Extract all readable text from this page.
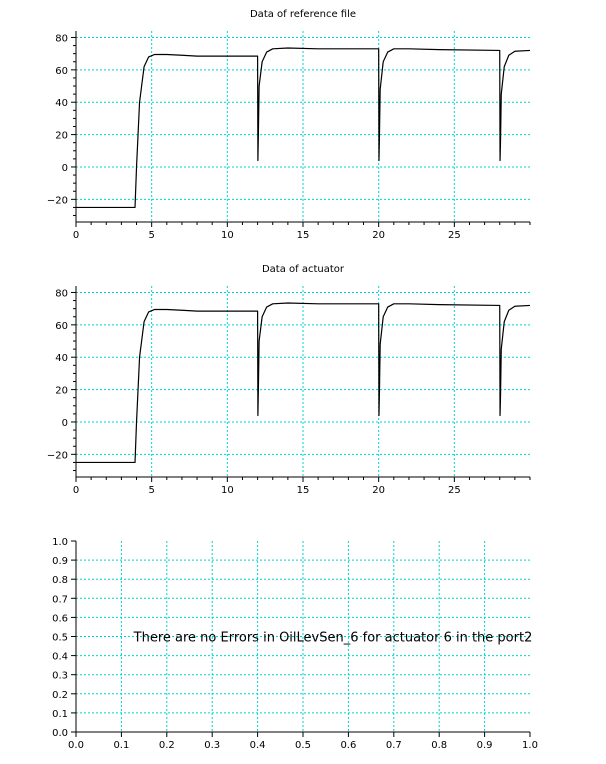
−20
0
20
40
60
80
0	5	10	15	20	25
Data of reference file
−20
0
20
40
60
80
0	5	10	15	20	25
Data of actuator
0.0
0.1
0.2
0.3
0.4
0.5
0.6
0.7
0.8
0.9
1.0
0.0	0.1	0.2	0.3	0.4	0.5	0.6	0.7	0.8	0.9	1.0
There are no Errors in OilLevSen_6 for actuator 6 in the port2
